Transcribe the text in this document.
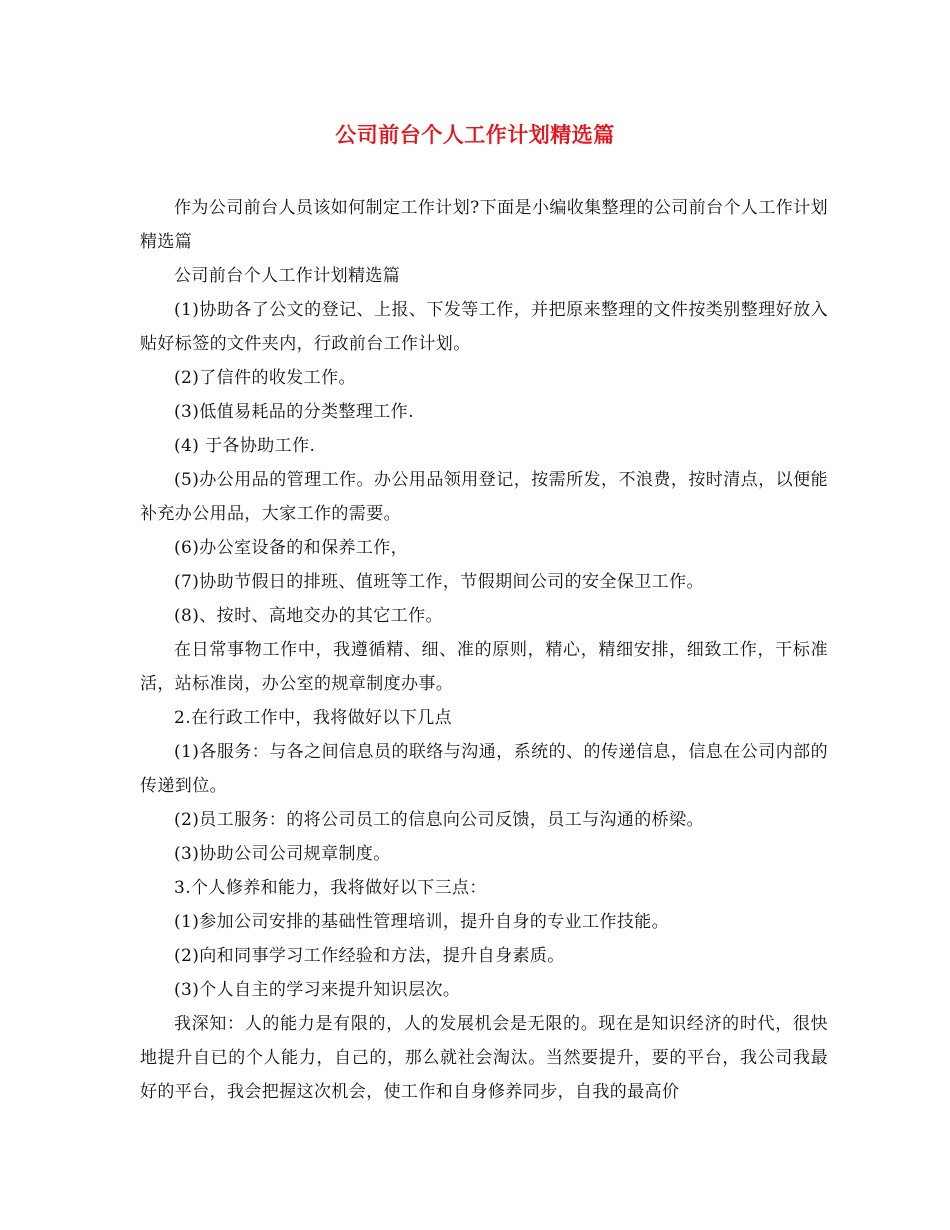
公司前台个人工作计划精选篇

作为公司前台人员该如何制定工作计划?下面是小编收集整理的公司前台个人工作计划精选篇

公司前台个人工作计划精选篇

(1)协助各了公文的登记、上报、下发等工作，并把原来整理的文件按类别整理好放入贴好标签的文件夹内，行政前台工作计划。

(2)了信件的收发工作。

(3)低值易耗品的分类整理工作.

(4) 于各协助工作.

(5)办公用品的管理工作。办公用品领用登记，按需所发，不浪费，按时清点，以便能补充办公用品，大家工作的需要。

(6)办公室设备的和保养工作，

(7)协助节假日的排班、值班等工作，节假期间公司的安全保卫工作。

(8)、按时、高地交办的其它工作。

在日常事物工作中，我遵循精、细、准的原则，精心，精细安排，细致工作，干标准活，站标准岗，办公室的规章制度办事。

2.在行政工作中，我将做好以下几点

(1)各服务：与各之间信息员的联络与沟通，系统的、的传递信息，信息在公司内部的传递到位。

(2)员工服务：的将公司员工的信息向公司反馈，员工与沟通的桥梁。

(3)协助公司公司规章制度。

3.个人修养和能力，我将做好以下三点：

(1)参加公司安排的基础性管理培训，提升自身的专业工作技能。

(2)向和同事学习工作经验和方法，提升自身素质。

(3)个人自主的学习来提升知识层次。

我深知：人的能力是有限的，人的发展机会是无限的。现在是知识经济的时代，很快地提升自已的个人能力，自己的，那么就社会淘汰。当然要提升，要的平台，我公司我最好的平台，我会把握这次机会，使工作和自身修养同步，自我的最高价
